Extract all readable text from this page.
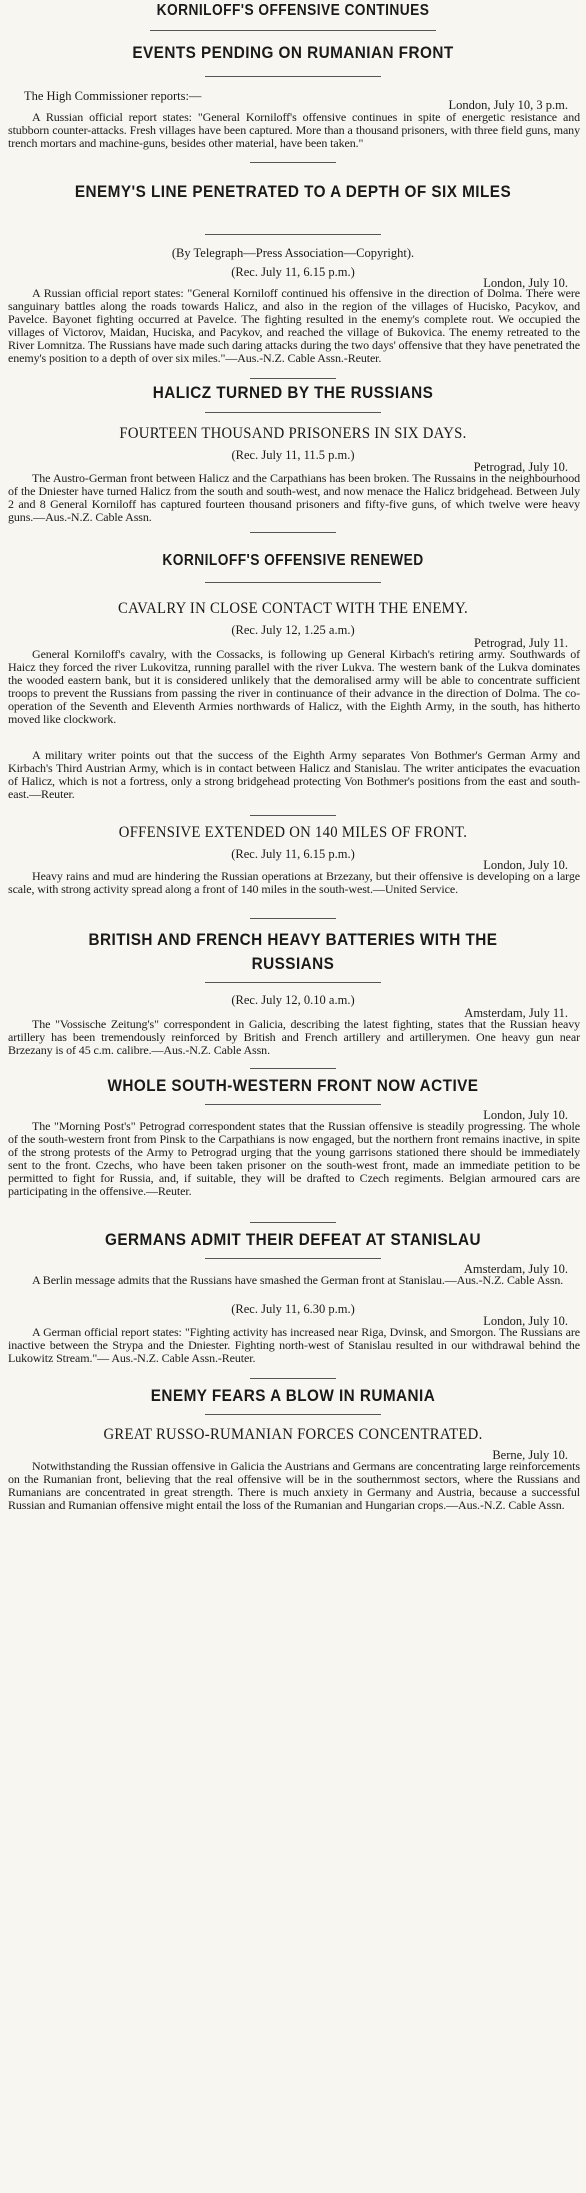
KORNILOFF'S OFFENSIVE CONTINUES
EVENTS PENDING ON RUMANIAN FRONT
The High Commissioner reports:—
London, July 10, 3 p.m.

A Russian official report states: "General Korniloff's offensive continues in spite of energetic resistance and stubborn counter-attacks. Fresh villages have been captured. More than a thousand prisoners, with three field guns, many trench mortars and machine-guns, besides other material, have been taken."

ENEMY'S LINE PENETRATED TO A DEPTH OF SIX MILES
(By Telegraph—Press Association—Copyright).
(Rec. July 11, 6.15 p.m.)
London, July 10.

A Russian official report states: "General Korniloff continued his offensive in the direction of Dolma. There were sanguinary battles along the roads towards Halicz, and also in the region of the villages of Hucisko, Pacykov, and Pavelce. Bayonet fighting occurred at Pavelce. The fighting resulted in the enemy's complete rout. We occupied the villages of Victorov, Maidan, Huciska, and Pacykov, and reached the village of Bukovica. The enemy retreated to the River Lomnitza. The Russians have made such daring attacks during the two days' offensive that they have penetrated the enemy's position to a depth of over six miles."—Aus.-N.Z. Cable Assn.-Reuter.

HALICZ TURNED BY THE RUSSIANS
FOURTEEN THOUSAND PRISONERS IN SIX DAYS.
(Rec. July 11, 11.5 p.m.)
Petrograd, July 10.

The Austro-German front between Halicz and the Carpathians has been broken. The Russains in the neighbourhood of the Dniester have turned Halicz from the south and south-west, and now menace the Halicz bridgehead. Between July 2 and 8 General Korniloff has captured fourteen thousand prisoners and fifty-five guns, of which twelve were heavy guns.—Aus.-N.Z. Cable Assn.

KORNILOFF'S OFFENSIVE RENEWED
CAVALRY IN CLOSE CONTACT WITH THE ENEMY.
(Rec. July 12, 1.25 a.m.)
Petrograd, July 11.

General Korniloff's cavalry, with the Cossacks, is following up General Kirbach's retiring army. Southwards of Haicz they forced the river Lukovitza, running parallel with the river Lukva. The western bank of the Lukva dominates the wooded eastern bank, but it is considered unlikely that the demoralised army will be able to concentrate sufficient troops to prevent the Russians from passing the river in continuance of their advance in the direction of Dolma. The co-operation of the Seventh and Eleventh Armies northwards of Halicz, with the Eighth Army, in the south, has hitherto moved like clockwork.

A military writer points out that the success of the Eighth Army separates Von Bothmer's German Army and Kirbach's Third Austrian Army, which is in contact between Halicz and Stanislau. The writer anticipates the evacuation of Halicz, which is not a fortress, only a strong bridgehead protecting Von Bothmer's positions from the east and south-east.—Reuter.

OFFENSIVE EXTENDED ON 140 MILES OF FRONT.
(Rec. July 11, 6.15 p.m.)
London, July 10.

Heavy rains and mud are hindering the Russian operations at Brzezany, but their offensive is developing on a large scale, with strong activity spread along a front of 140 miles in the south-west.—United Service.

BRITISH AND FRENCH HEAVY BATTERIES WITH THE RUSSIANS
(Rec. July 12, 0.10 a.m.)
Amsterdam, July 11.

The "Vossische Zeitung's" correspondent in Galicia, describing the latest fighting, states that the Russian heavy artillery has been tremendously reinforced by British and French artillery and artillerymen. One heavy gun near Brzezany is of 45 c.m. calibre.—Aus.-N.Z. Cable Assn.

WHOLE SOUTH-WESTERN FRONT NOW ACTIVE
London, July 10.

The "Morning Post's" Petrograd correspondent states that the Russian offensive is steadily progressing. The whole of the south-western front from Pinsk to the Carpathians is now engaged, but the northern front remains inactive, in spite of the strong protests of the Army to Petrograd urging that the young garrisons stationed there should be immediately sent to the front. Czechs, who have been taken prisoner on the south-west front, made an immediate petition to be permitted to fight for Russia, and, if suitable, they will be drafted to Czech regiments. Belgian armoured cars are participating in the offensive.—Reuter.

GERMANS ADMIT THEIR DEFEAT AT STANISLAU
Amsterdam, July 10.

A Berlin message admits that the Russians have smashed the German front at Stanislau.—Aus.-N.Z. Cable Assn.

(Rec. July 11, 6.30 p.m.)
London, July 10.

A German official report states: "Fighting activity has increased near Riga, Dvinsk, and Smorgon. The Russians are inactive between the Strypa and the Dniester. Fighting north-west of Stanislau resulted in our withdrawal behind the Lukowitz Stream."— Aus.-N.Z. Cable Assn.-Reuter.

ENEMY FEARS A BLOW IN RUMANIA
GREAT RUSSO-RUMANIAN FORCES CONCENTRATED.
Berne, July 10.

Notwithstanding the Russian offensive in Galicia the Austrians and Germans are concentrating large reinforcements on the Rumanian front, believing that the real offensive will be in the southernmost sectors, where the Russians and Rumanians are concentrated in great strength. There is much anxiety in Germany and Austria, because a successful Russian and Rumanian offensive might entail the loss of the Rumanian and Hungarian crops.—Aus.-N.Z. Cable Assn.
